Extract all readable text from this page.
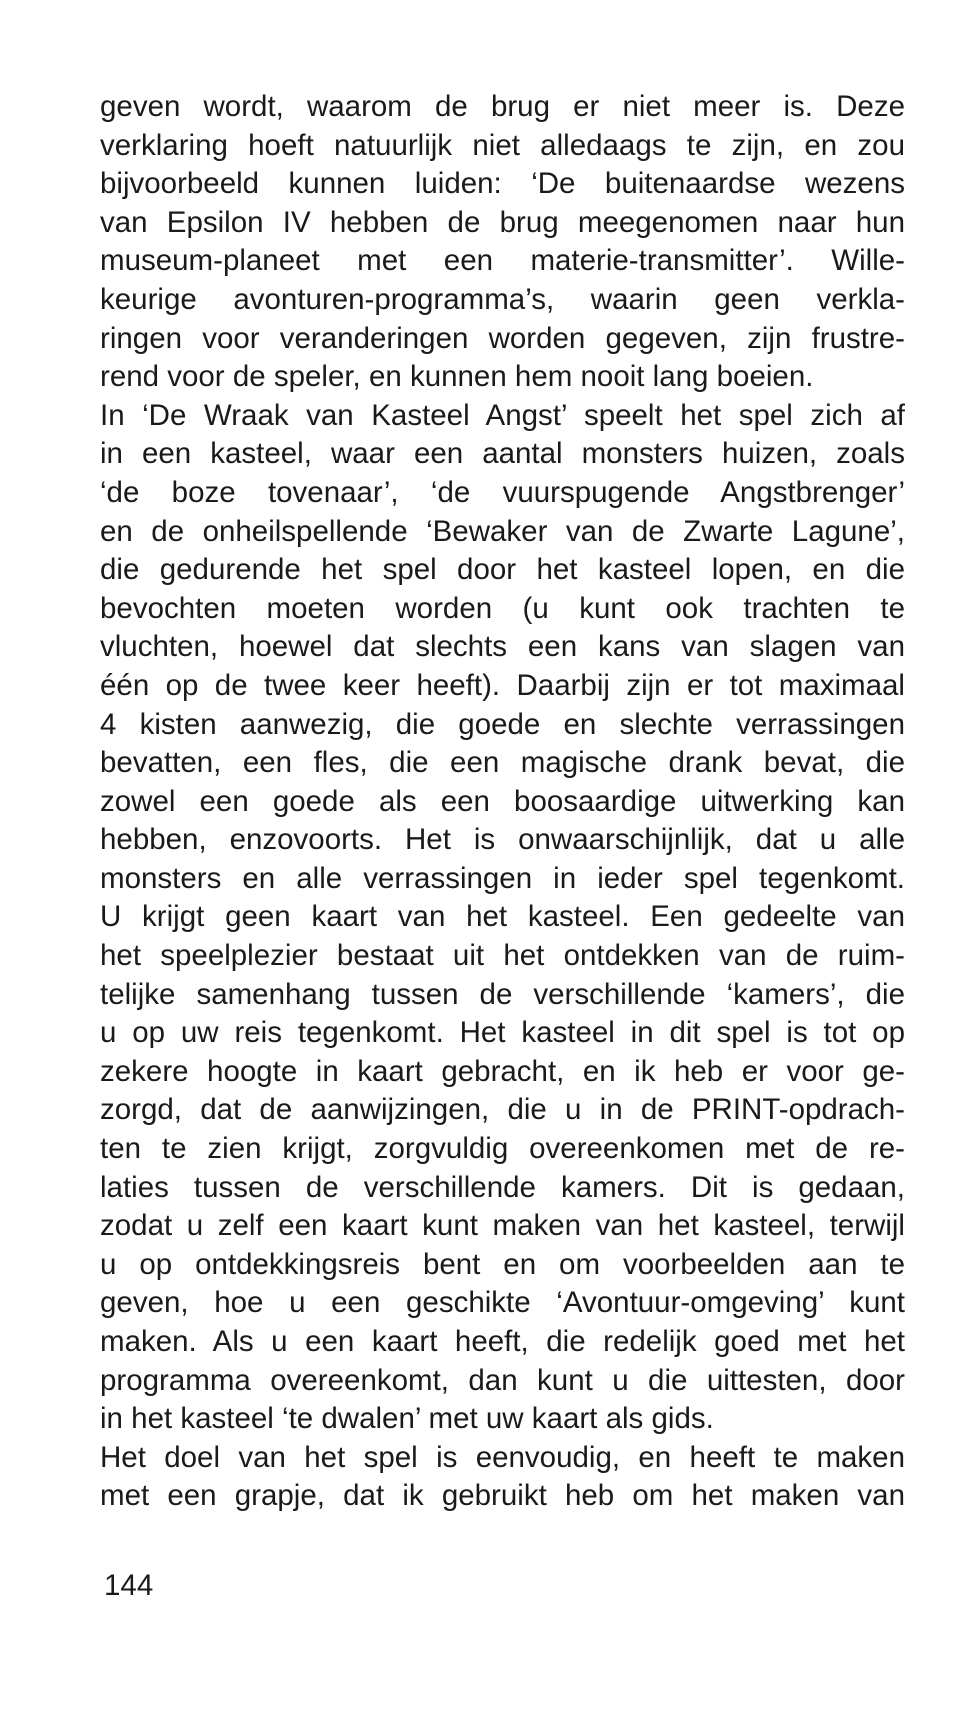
geven wordt, waarom de brug er niet meer is. Deze
verklaring hoeft natuurlijk niet alledaags te zijn, en zou
bijvoorbeeld kunnen luiden: ‘De buitenaardse wezens
van Epsilon IV hebben de brug meegenomen naar hun
museum-planeet met een materie-transmitter’. Wille-
keurige avonturen-programma’s, waarin geen verkla-
ringen voor veranderingen worden gegeven, zijn frustre-
rend voor de speler, en kunnen hem nooit lang boeien.
In ‘De Wraak van Kasteel Angst’ speelt het spel zich af
in een kasteel, waar een aantal monsters huizen, zoals
‘de boze tovenaar’, ‘de vuurspugende Angstbrenger’
en de onheilspellende ‘Bewaker van de Zwarte Lagune’,
die gedurende het spel door het kasteel lopen, en die
bevochten moeten worden (u kunt ook trachten te
vluchten, hoewel dat slechts een kans van slagen van
één op de twee keer heeft). Daarbij zijn er tot maximaal
4 kisten aanwezig, die goede en slechte verrassingen
bevatten, een fles, die een magische drank bevat, die
zowel een goede als een boosaardige uitwerking kan
hebben, enzovoorts. Het is onwaarschijnlijk, dat u alle
monsters en alle verrassingen in ieder spel tegenkomt.
U krijgt geen kaart van het kasteel. Een gedeelte van
het speelplezier bestaat uit het ontdekken van de ruim-
telijke samenhang tussen de verschillende ‘kamers’, die
u op uw reis tegenkomt. Het kasteel in dit spel is tot op
zekere hoogte in kaart gebracht, en ik heb er voor ge-
zorgd, dat de aanwijzingen, die u in de PRINT-opdrach-
ten te zien krijgt, zorgvuldig overeenkomen met de re-
laties tussen de verschillende kamers. Dit is gedaan,
zodat u zelf een kaart kunt maken van het kasteel, terwijl
u op ontdekkingsreis bent en om voorbeelden aan te
geven, hoe u een geschikte ‘Avontuur-omgeving’ kunt
maken. Als u een kaart heeft, die redelijk goed met het
programma overeenkomt, dan kunt u die uittesten, door
in het kasteel ‘te dwalen’ met uw kaart als gids.
Het doel van het spel is eenvoudig, en heeft te maken
met een grapje, dat ik gebruikt heb om het maken van
144
